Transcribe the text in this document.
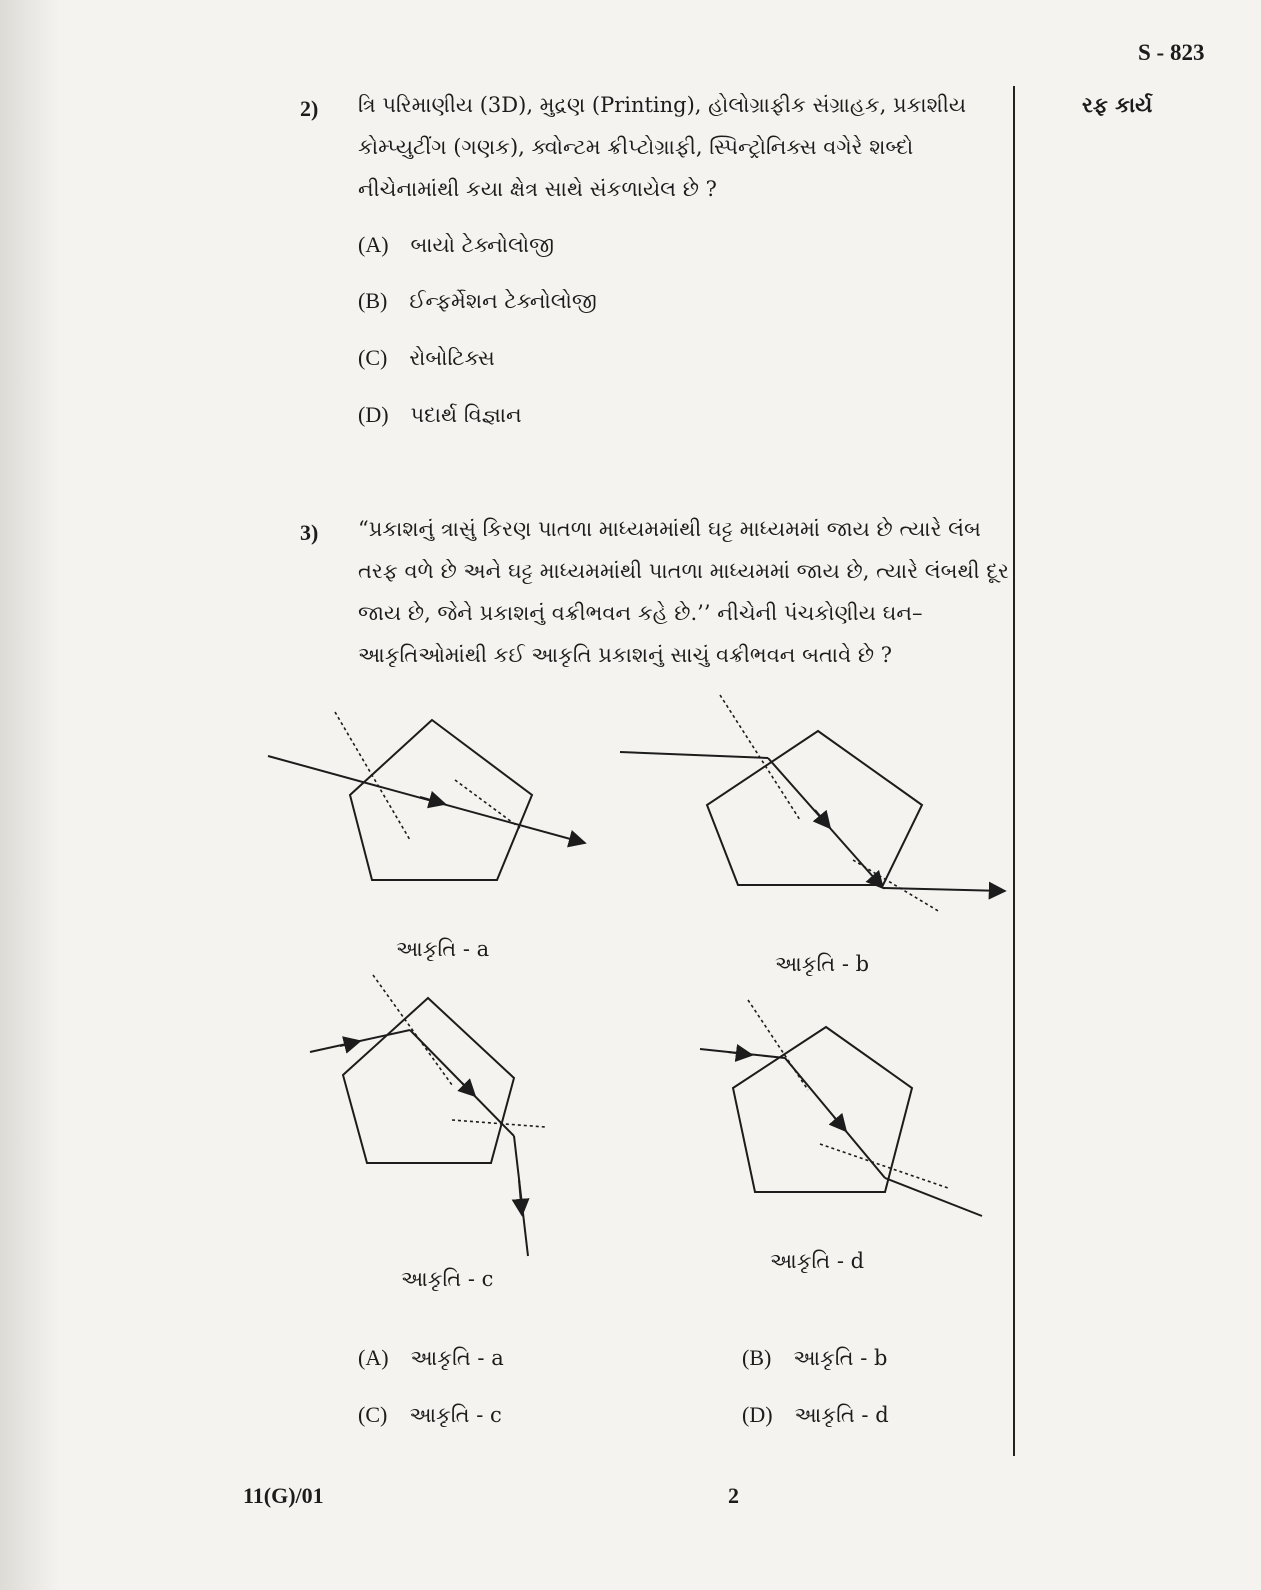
S - 823
રફ કાર્ય
2) ત્રિ પરિમાણીય (3D), મુદ્રણ (Printing), હોલોગ્રાફીક સંગ્રાહક, પ્રકાશીય
કોમ્પ્યુટીંગ (ગણક), ક્વોન્ટમ ક્રીપ્ટોગ્રાફી, સ્પિન્ટ્રોનિક્સ વગેરે શબ્દો
નીચેનામાંથી કયા ક્ષેત્ર સાથે સંકળાયેલ છે ?
(A) બાયો ટેક્નોલોજી
(B) ઈન્ફર્મેશન ટેક્નોલોજી
(C) રોબોટિક્સ
(D) પદાર્થ વિજ્ઞાન
3) “પ્રકાશનું ત્રાસું કિરણ પાતળા માધ્યમમાંથી ઘટ્ટ માધ્યમમાં જાય છે ત્યારે લંબ
તરફ વળે છે અને ઘટ્ટ માધ્યમમાંથી પાતળા માધ્યમમાં જાય છે, ત્યારે લંબથી દૂર
જાય છે, જેને પ્રકાશનું વક્રીભવન કહે છે.’’ નીચેની પંચકોણીય ઘન–
આકૃતિઓમાંથી કઈ આકૃતિ પ્રકાશનું સાચું વક્રીભવન બતાવે છે ?
આકૃતિ - a
આકૃતિ - b
આકૃતિ - c
આકૃતિ - d
(A) આકૃતિ - a	(B) આકૃતિ - b
(C) આકૃતિ - c	(D) આકૃતિ - d
11(G)/01	2
